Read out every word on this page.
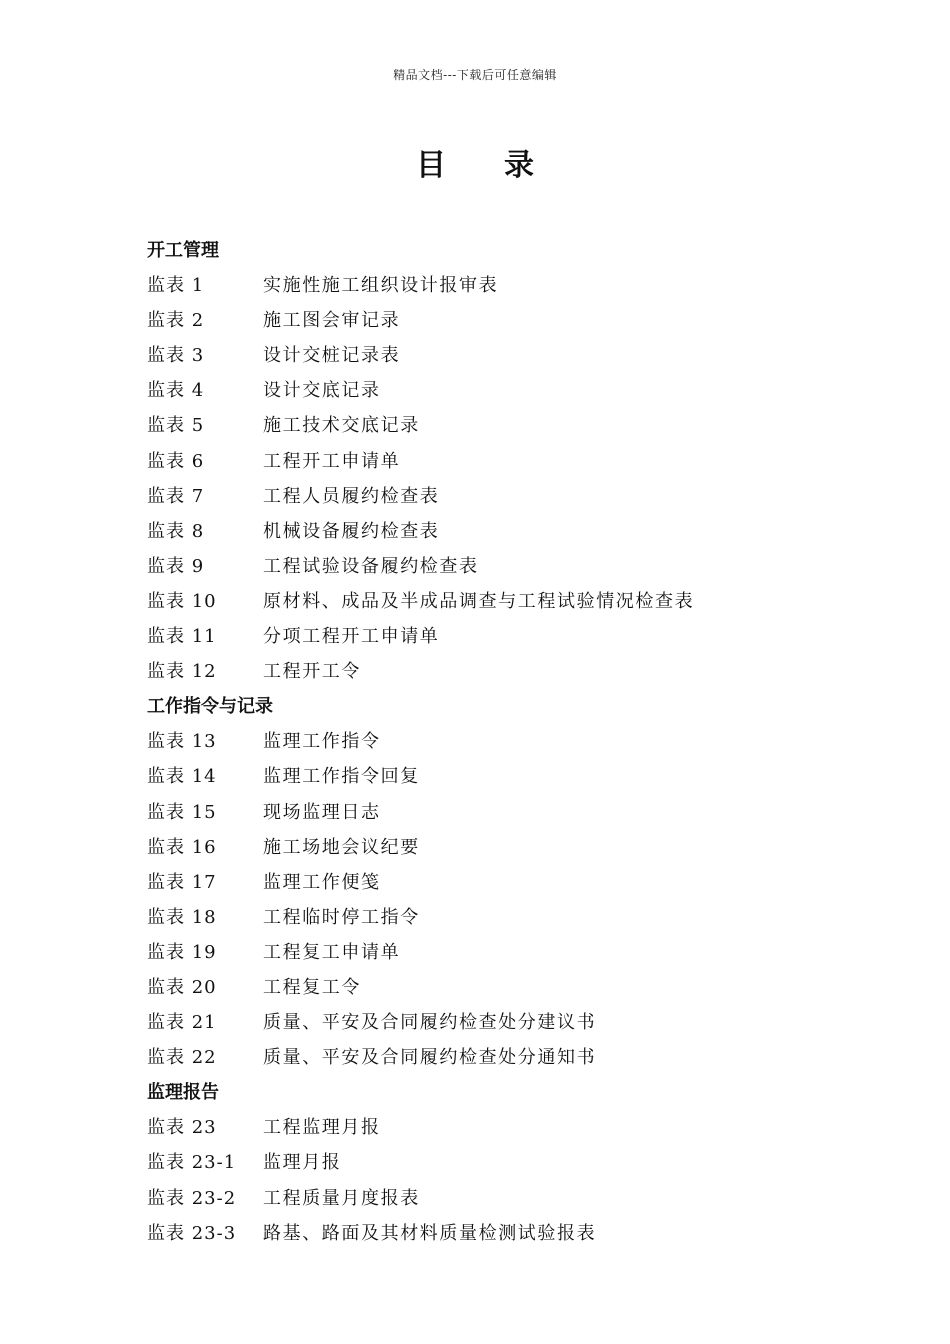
精品文档---下载后可任意编辑
目 录
开工管理
监表 1	实施性施工组织设计报审表
监表 2	施工图会审记录
监表 3	设计交桩记录表
监表 4	设计交底记录
监表 5	施工技术交底记录
监表 6	工程开工申请单
监表 7	工程人员履约检查表
监表 8	机械设备履约检查表
监表 9	工程试验设备履约检查表
监表 10	原材料、成品及半成品调查与工程试验情况检查表
监表 11	分项工程开工申请单
监表 12	工程开工令
工作指令与记录
监表 13	监理工作指令
监表 14	监理工作指令回复
监表 15	现场监理日志
监表 16	施工场地会议纪要
监表 17	监理工作便笺
监表 18	工程临时停工指令
监表 19	工程复工申请单
监表 20	工程复工令
监表 21	质量、平安及合同履约检查处分建议书
监表 22	质量、平安及合同履约检查处分通知书
监理报告
监表 23	工程监理月报
监表 23-1 监理月报
监表 23-2 工程质量月度报表
监表 23-3 路基、路面及其材料质量检测试验报表
